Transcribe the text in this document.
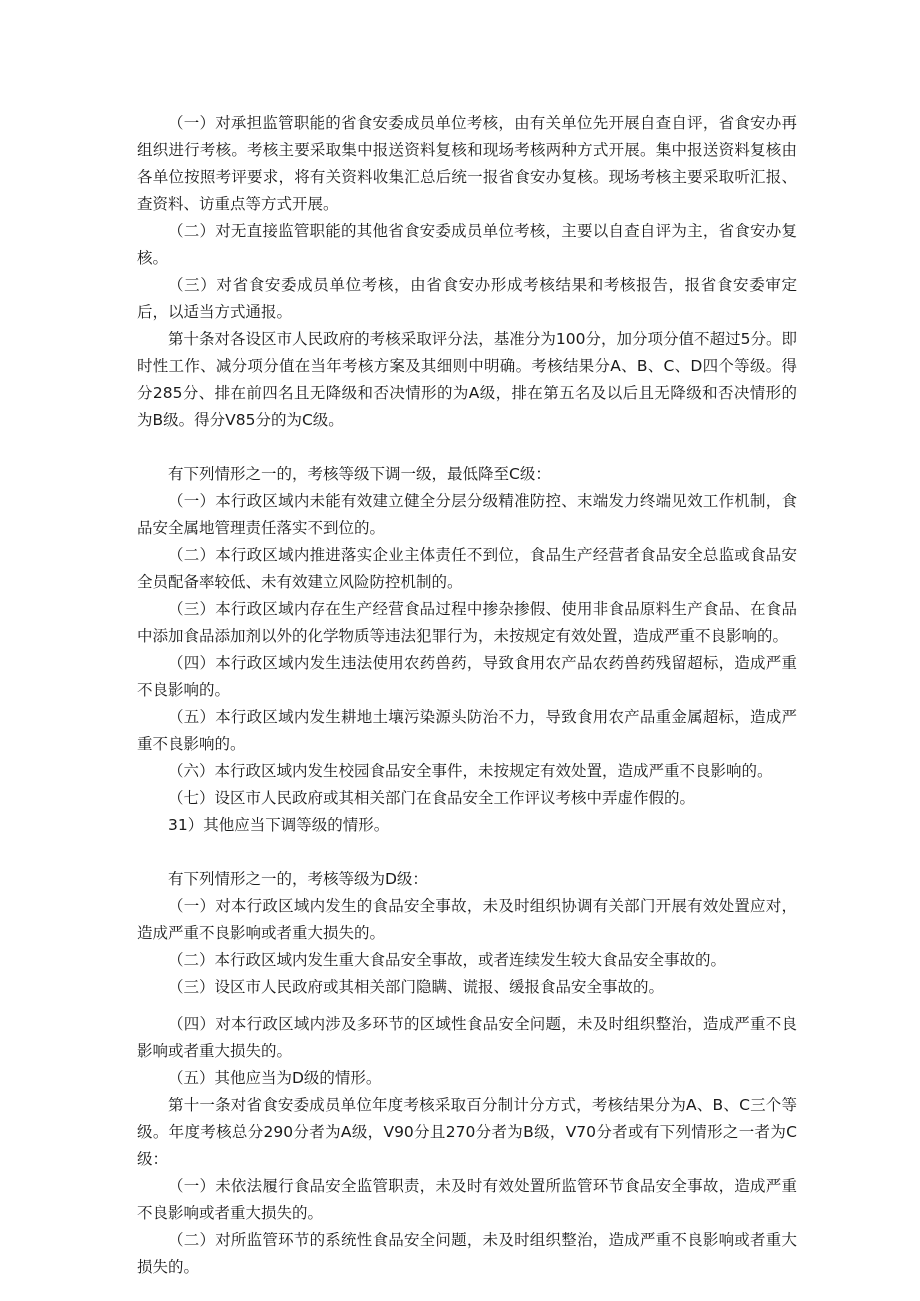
（一）对承担监管职能的省食安委成员单位考核，由有关单位先开展自查自评，省食安办再组织进行考核。考核主要采取集中报送资料复核和现场考核两种方式开展。集中报送资料复核由各单位按照考评要求，将有关资料收集汇总后统一报省食安办复核。现场考核主要采取听汇报、查资料、访重点等方式开展。

（二）对无直接监管职能的其他省食安委成员单位考核，主要以自查自评为主，省食安办复核。

（三）对省食安委成员单位考核，由省食安办形成考核结果和考核报告，报省食安委审定后，以适当方式通报。

第十条对各设区市人民政府的考核采取评分法，基准分为100分，加分项分值不超过5分。即时性工作、减分项分值在当年考核方案及其细则中明确。考核结果分A、B、C、D四个等级。得分285分、排在前四名且无降级和否决情形的为A级，排在第五名及以后且无降级和否决情形的为B级。得分V85分的为C级。

有下列情形之一的，考核等级下调一级，最低降至C级：

（一）本行政区域内未能有效建立健全分层分级精准防控、末端发力终端见效工作机制，食品安全属地管理责任落实不到位的。

（二）本行政区域内推进落实企业主体责任不到位，食品生产经营者食品安全总监或食品安全员配备率较低、未有效建立风险防控机制的。

（三）本行政区域内存在生产经营食品过程中掺杂掺假、使用非食品原料生产食品、在食品中添加食品添加剂以外的化学物质等违法犯罪行为，未按规定有效处置，造成严重不良影响的。

（四）本行政区域内发生违法使用农药兽药，导致食用农产品农药兽药残留超标，造成严重不良影响的。

（五）本行政区域内发生耕地土壤污染源头防治不力，导致食用农产品重金属超标，造成严重不良影响的。

（六）本行政区域内发生校园食品安全事件，未按规定有效处置，造成严重不良影响的。

（七）设区市人民政府或其相关部门在食品安全工作评议考核中弄虚作假的。

31）其他应当下调等级的情形。

有下列情形之一的，考核等级为D级：

（一）对本行政区域内发生的食品安全事故，未及时组织协调有关部门开展有效处置应对，造成严重不良影响或者重大损失的。

（二）本行政区域内发生重大食品安全事故，或者连续发生较大食品安全事故的。

（三）设区市人民政府或其相关部门隐瞒、谎报、缓报食品安全事故的。

（四）对本行政区域内涉及多环节的区域性食品安全问题，未及时组织整治，造成严重不良影响或者重大损失的。

（五）其他应当为D级的情形。

第十一条对省食安委成员单位年度考核采取百分制计分方式，考核结果分为A、B、C三个等级。年度考核总分290分者为A级，V90分且270分者为B级，V70分者或有下列情形之一者为C级：

（一）未依法履行食品安全监管职责，未及时有效处置所监管环节食品安全事故，造成严重不良影响或者重大损失的。

（二）对所监管环节的系统性食品安全问题，未及时组织整治，造成严重不良影响或者重大损失的。
